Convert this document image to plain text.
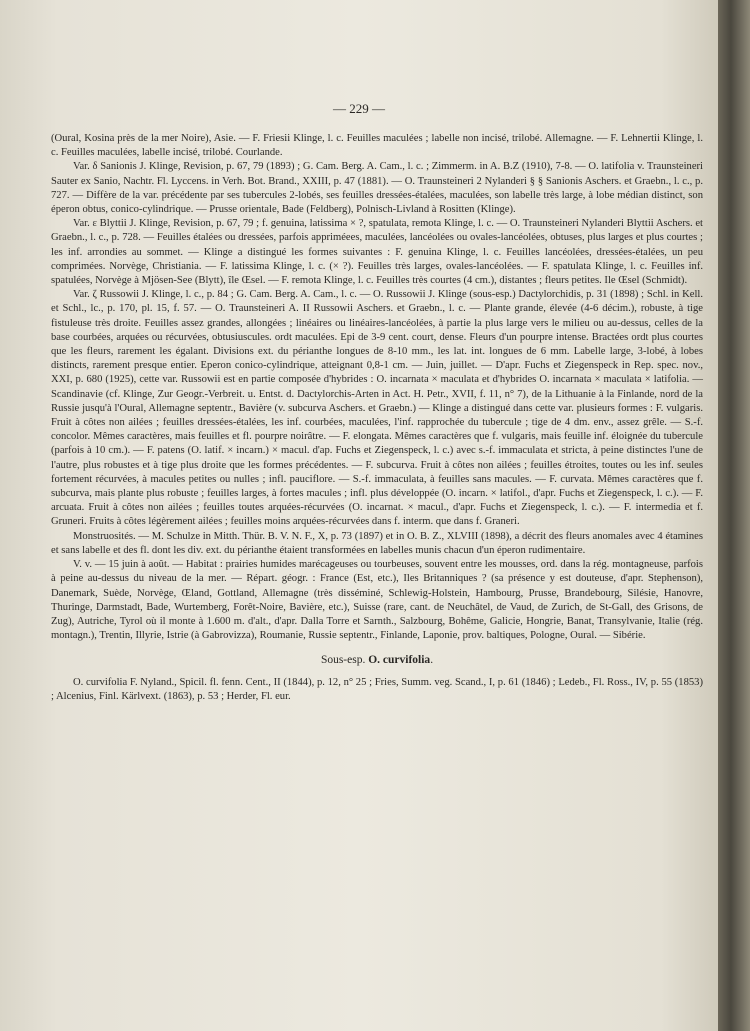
— 229 —

(Oural, Kosina près de la mer Noire), Asie. — F. Friesii Klinge, l. c. Feuilles maculées ; labelle non incisé, trilobé. Allemagne. — F. Lehnertii Klinge, l. c. Feuilles maculées, labelle incisé, trilobé. Courlande.

Var. δ Sanionis J. Klinge, Revision, p. 67, 79 (1893) ; G. Cam. Berg. A. Cam., l. c. ; Zimmerm. in A. B.Z (1910), 7-8. — O. latifolia v. Traunsteineri Sauter ex Sanio, Nachtr. Fl. Lyccens. in Verh. Bot. Brand., XXIII, p. 47 (1881). — O. Traunsteineri 2 Nylanderi § § Sanionis Aschers. et Graebn., l. c., p. 727. — Diffère de la var. précédente par ses tubercules 2-lobés, ses feuilles dressées-étalées, maculées, son labelle très large, à lobe médian distinct, son éperon obtus, conico-cylindrique. — Prusse orientale, Bade (Feldberg), Polnisch-Livland à Rositten (Klinge).

Var. ε Blyttii J. Klinge, Revision, p. 67, 79 ; f. genuina, latissima × ?, spatulata, remota Klinge, l. c. — O. Traunsteineri Nylanderi Blyttii Aschers. et Graebn., l. c., p. 728. — Feuilles étalées ou dressées, parfois appriméees, maculées, lancéolées ou ovales-lancéolées, obtuses, plus larges et plus courtes ; les inf. arrondies au sommet. — Klinge a distingué les formes suivantes : F. genuina Klinge, l. c. Feuilles lancéolées, dressées-étalées, un peu comprimées. Norvège, Christiania. — F. latissima Klinge, l. c. (× ?). Feuilles très larges, ovales-lancéolées. — F. spatulata Klinge, l. c. Feuilles inf. spatulées, Norvège à Mjösen-See (Blytt), île Œsel. — F. remota Klinge, l. c. Feuilles très courtes (4 cm.), distantes ; fleurs petites. Ile Œsel (Schmidt).

Var. ζ Russowii J. Klinge, l. c., p. 84 ; G. Cam. Berg. A. Cam., l. c. — O. Russowii J. Klinge (sous-esp.) Dactylorchidis, p. 31 (1898) ; Schl. in Kell. et Schl., lc., p. 170, pl. 15, f. 57. — O. Traunsteineri A. II Russowii Aschers. et Graebn., l. c. — Plante grande, élevée (4-6 décim.), robuste, à tige fistuleuse très droite. Feuilles assez grandes, allongées ; linéaires ou linéaires-lancéolées, à partie la plus large vers le milieu ou au-dessus, celles de la base courbées, arquées ou récurvées, obtusiuscules. ordt maculées. Epi de 3-9 cent. court, dense. Fleurs d'un pourpre intense. Bractées ordt plus courtes que les fleurs, rarement les égalant. Divisions ext. du périanthe longues de 8-10 mm., les lat. int. longues de 6 mm. Labelle large, 3-lobé, à lobes distincts, rarement presque entier. Eperon conico-cylindrique, atteignant 0,8-1 cm. — Juin, juillet. — D'apr. Fuchs et Ziegenspeck in Rep. spec. nov., XXI, p. 680 (1925), cette var. Russowii est en partie composée d'hybrides : O. incarnata × maculata et d'hybrides O. incarnata × maculata × latifolia. — Scandinavie (cf. Klinge, Zur Geogr.-Verbreit. u. Entst. d. Dactylorchis-Arten in Act. H. Petr., XVII, f. 11, n° 7), de la Lithuanie à la Finlande, nord de la Russie jusqu'à l'Oural, Allemagne septentr., Bavière (v. subcurva Aschers. et Graebn.) — Klinge a distingué dans cette var. plusieurs formes : F. vulgaris. Fruit à côtes non ailées ; feuilles dressées-étalées, les inf. courbées, maculées, l'inf. rapprochée du tubercule ; tige de 4 dm. env., assez grêle. — S.-f. concolor. Mêmes caractères, mais feuilles et fl. pourpre noirâtre. — F. elongata. Mêmes caractères que f. vulgaris, mais feuille inf. éloignée du tubercule (parfois à 10 cm.). — F. patens (O. latif. × incarn.) × macul. d'ap. Fuchs et Ziegenspeck, l. c.) avec s.-f. immaculata et stricta, à peine distinctes l'une de l'autre, plus robustes et à tige plus droite que les formes précédentes. — F. subcurva. Fruit à côtes non ailées ; feuilles étroites, toutes ou les inf. seules fortement récurvées, à macules petites ou nulles ; infl. pauciflore. — S.-f. immaculata, à feuilles sans macules. — F. curvata. Mêmes caractères que f. subcurva, mais plante plus robuste ; feuilles larges, à fortes macules ; infl. plus développée (O. incarn. × latifol., d'apr. Fuchs et Ziegenspeck, l. c.). — F. arcuata. Fruit à côtes non ailées ; feuilles toutes arquées-récurvées (O. incarnat. × macul., d'apr. Fuchs et Ziegenspeck, l. c.). — F. intermedia et f. Gruneri. Fruits à côtes légèrement ailées ; feuilles moins arquées-récurvées dans f. interm. que dans f. Graneri.

Monstruosités. — M. Schulze in Mitth. Thür. B. V. N. F., X, p. 73 (1897) et in O. B. Z., XLVIII (1898), a décrit des fleurs anomales avec 4 étamines et sans labelle et des fl. dont les div. ext. du périanthe étaient transformées en labelles munis chacun d'un éperon rudimentaire.

V. v. — 15 juin à août. — Habitat : prairies humides marécageuses ou tourbeuses, souvent entre les mousses, ord. dans la rég. montagneuse, parfois à peine au-dessus du niveau de la mer. — Répart. géogr. : France (Est, etc.), Iles Britanniques ? (sa présence y est douteuse, d'apr. Stephenson), Danemark, Suède, Norvège, Œland, Gottland, Allemagne (très disséminé, Schlewig-Holstein, Hambourg, Prusse, Brandebourg, Silésie, Hanovre, Thuringe, Darmstadt, Bade, Wurtemberg, Forêt-Noire, Bavière, etc.), Suisse (rare, cant. de Neuchâtel, de Vaud, de Zurich, de St-Gall, des Grisons, de Zug), Autriche, Tyrol où il monte à 1.600 m. d'alt., d'apr. Dalla Torre et Sarnth., Salzbourg, Bohême, Galicie, Hongrie, Banat, Transylvanie, Italie (rég. montagn.), Trentin, Illyrie, Istrie (à Gabrovizza), Roumanie, Russie septentr., Finlande, Laponie, prov. baltiques, Pologne, Oural. — Sibérie.

Sous-esp. O. curvifolia.

O. curvifolia F. Nyland., Spicil. fl. fenn. Cent., II (1844), p. 12, n° 25 ; Fries, Summ. veg. Scand., I, p. 61 (1846) ; Ledeb., Fl. Ross., IV, p. 55 (1853) ; Alcenius, Finl. Kärlvext. (1863), p. 53 ; Herder, Fl. eur.
